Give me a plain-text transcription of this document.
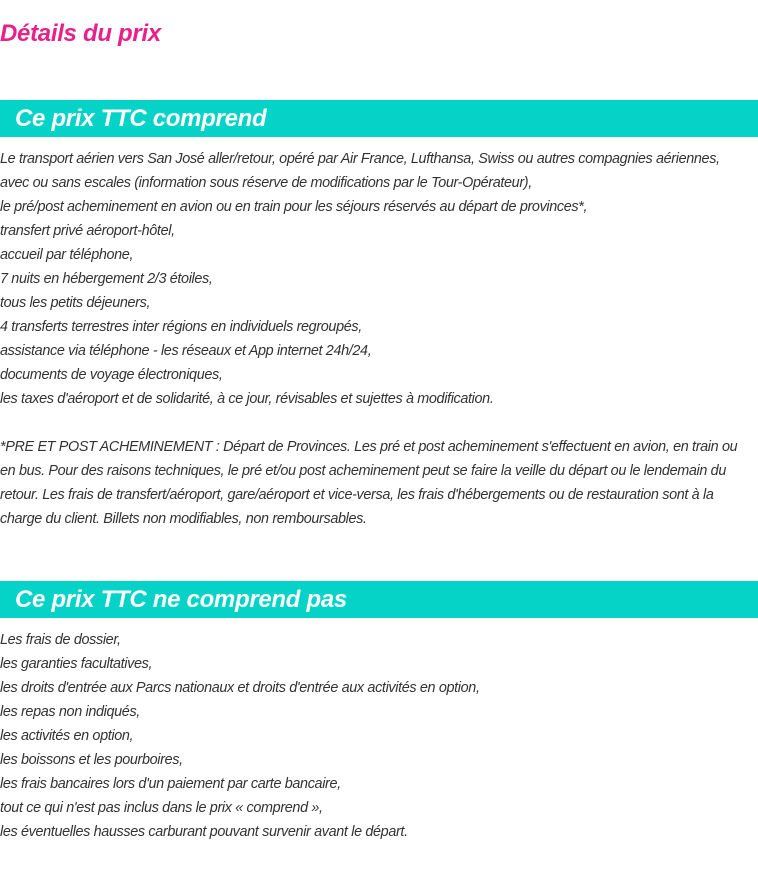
Détails du prix
Ce prix TTC comprend
Le transport aérien vers San José aller/retour, opéré par Air France, Lufthansa, Swiss ou autres compagnies aériennes,
avec ou sans escales (information sous réserve de modifications par le Tour-Opérateur),
le pré/post acheminement en avion ou en train pour les séjours réservés au départ de provinces*,
transfert privé aéroport-hôtel,
accueil par téléphone,
7 nuits en hébergement 2/3 étoiles,
tous les petits déjeuners,
4 transferts terrestres inter régions en individuels regroupés,
assistance via téléphone - les réseaux et App internet 24h/24,
documents de voyage électroniques,
les taxes d'aéroport et de solidarité, à ce jour, révisables et sujettes à modification.

*PRE ET POST ACHEMINEMENT : Départ de Provinces. Les pré et post acheminement s'effectuent en avion, en train ou en bus. Pour des raisons techniques, le pré et/ou post acheminement peut se faire la veille du départ ou le lendemain du retour. Les frais de transfert/aéroport, gare/aéroport et vice-versa, les frais d'hébergements ou de restauration sont à la charge du client. Billets non modifiables, non remboursables.

Ce prix TTC ne comprend pas
Les frais de dossier,
les garanties facultatives,
les droits d'entrée aux Parcs nationaux et droits d'entrée aux activités en option,
les repas non indiqués,
les activités en option,
les boissons et les pourboires,
les frais bancaires lors d'un paiement par carte bancaire,
tout ce qui n'est pas inclus dans le prix « comprend »,
les éventuelles hausses carburant pouvant survenir avant le départ.
